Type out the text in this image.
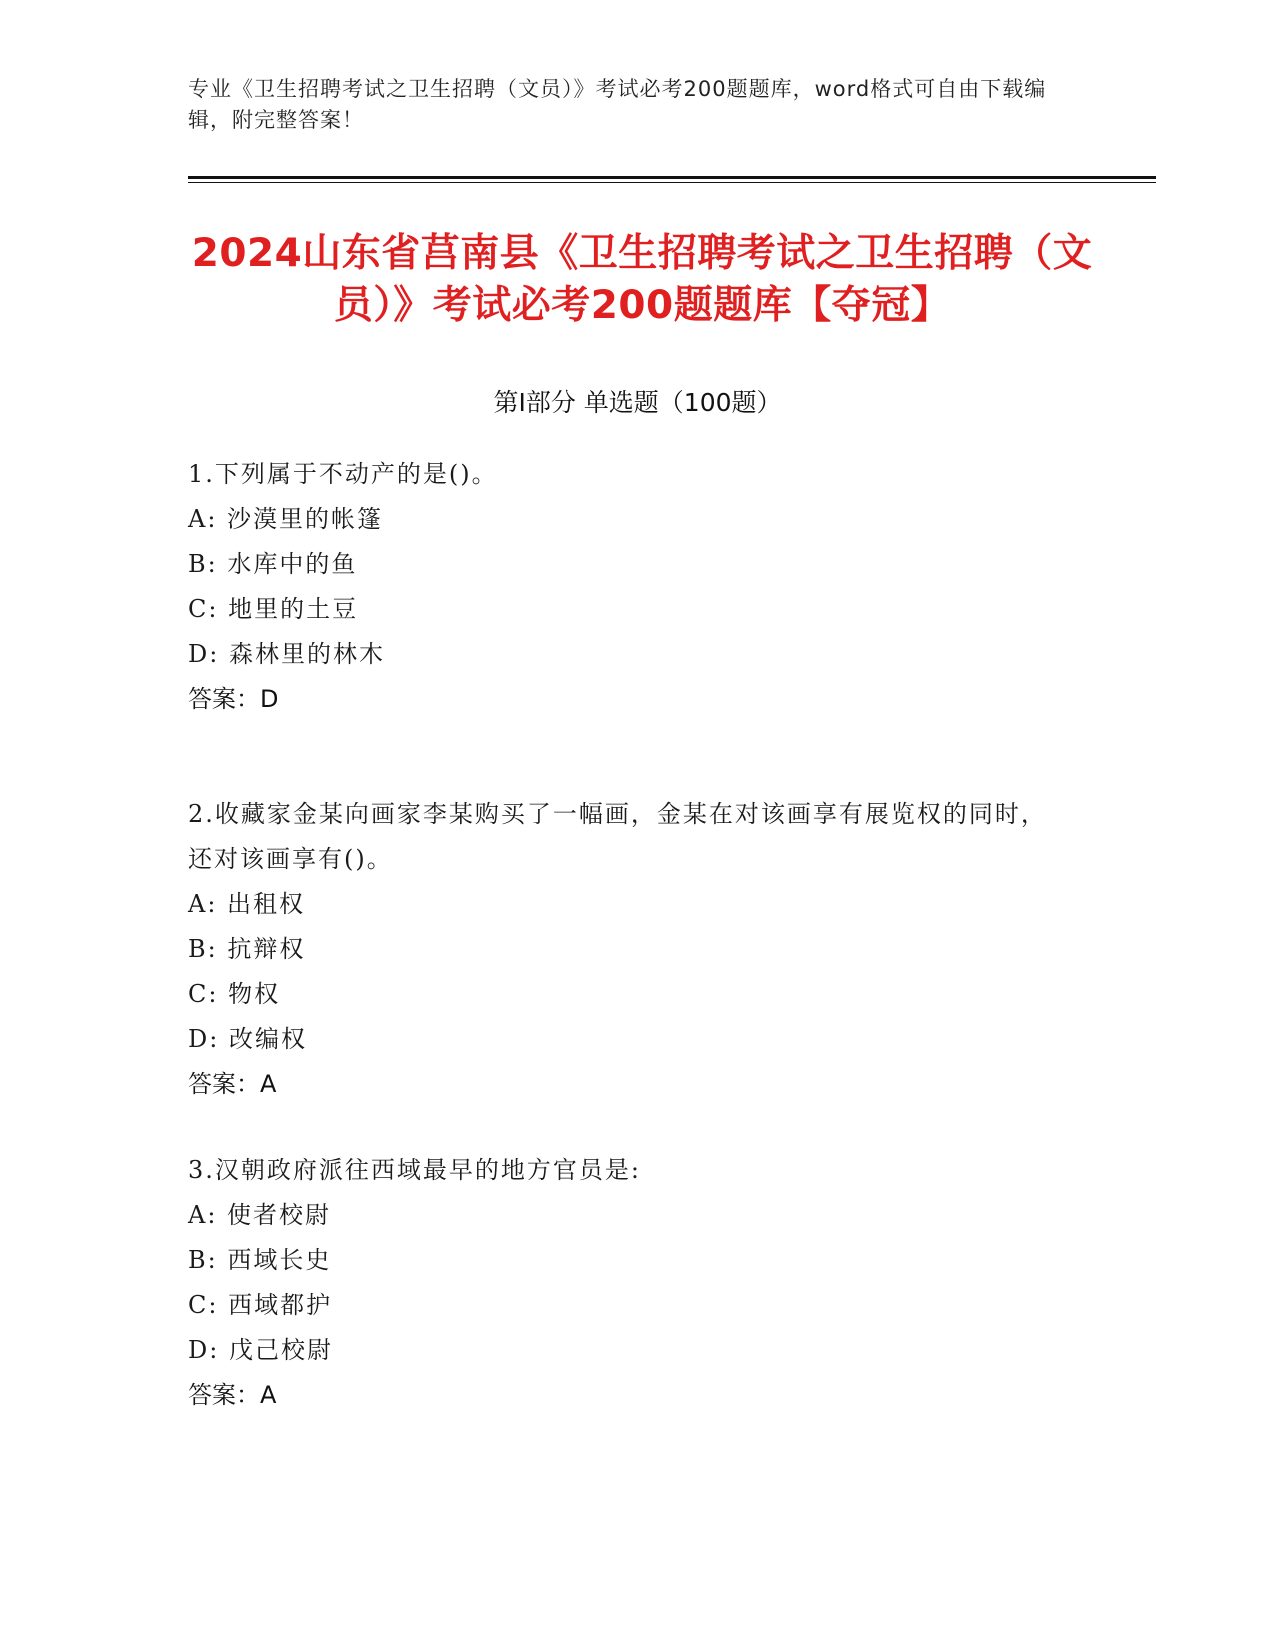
专业《卫生招聘考试之卫生招聘（文员）》考试必考200题题库，word格式可自由下载编辑，附完整答案！
2024山东省莒南县《卫生招聘考试之卫生招聘（文员）》考试必考200题题库【夺冠】
第Ⅰ部分 单选题（100题）
1.下列属于不动产的是()。
A: 沙漠里的帐篷
B: 水库中的鱼
C: 地里的土豆
D: 森林里的林木
答案：D
2.收藏家金某向画家李某购买了一幅画，金某在对该画享有展览权的同时，还对该画享有()。
A: 出租权
B: 抗辩权
C: 物权
D: 改编权
答案：A
3.汉朝政府派往西域最早的地方官员是:
A: 使者校尉
B: 西域长史
C: 西域都护
D: 戊己校尉
答案：A
